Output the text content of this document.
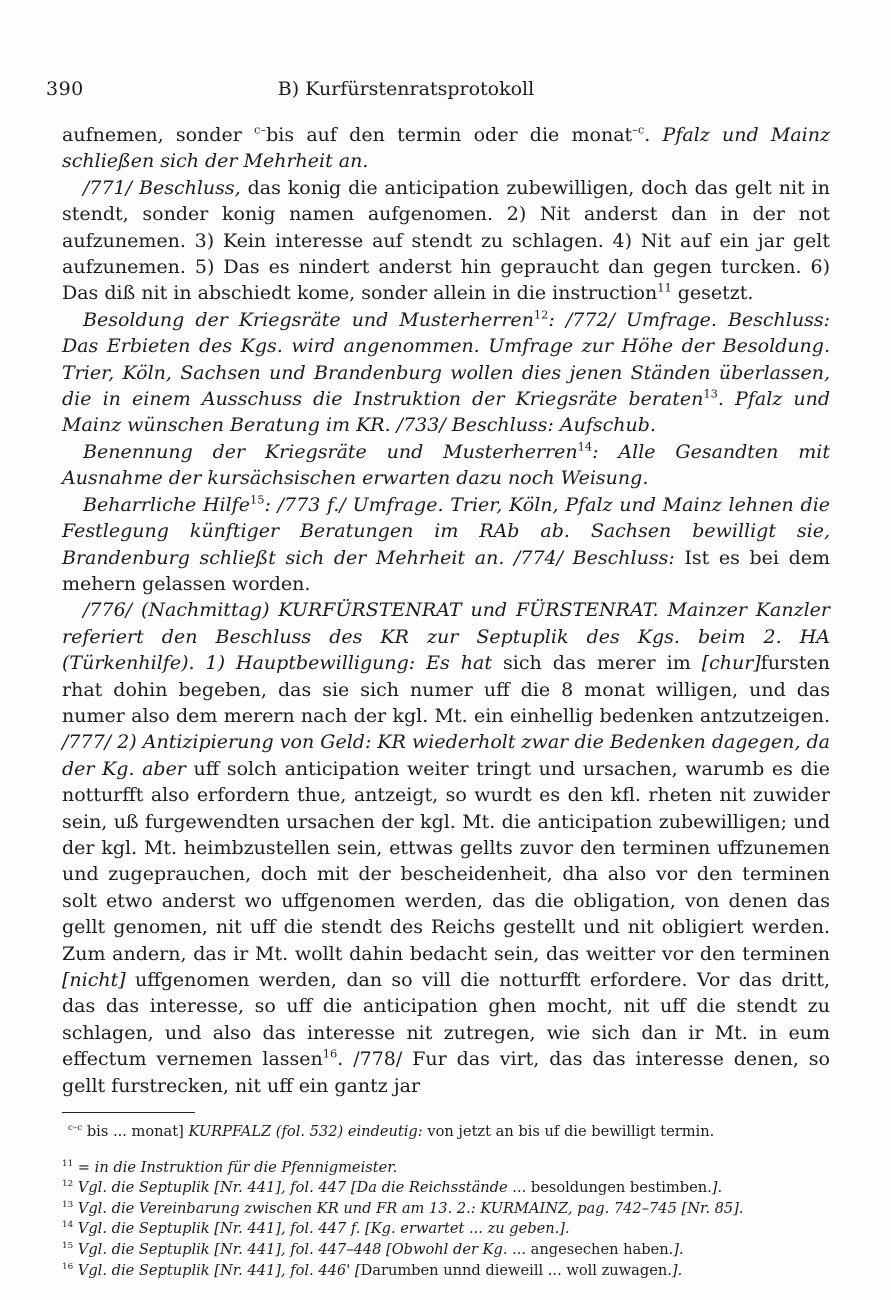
390	B) Kurfürstenratsprotokoll

aufnemen, sonder $^{c-}$bis auf den termin oder die monat$^{-c}$. Pfalz und Mainz schließen sich der Mehrheit an.

/771/ Beschluss, das konig die anticipation zubewilligen, doch das gelt nit in stendt, sonder konig namen aufgenomen. 2) Nit anderst dan in der not aufzunemen. 3) Kein interesse auf stendt zu schlagen. 4) Nit auf ein jar gelt aufzunemen. 5) Das es nindert anderst hin gepraucht dan gegen turcken. 6) Das diß nit in abschiedt kome, sonder allein in die instruction$^{11}$ gesetzt.

Besoldung der Kriegsräte und Musterherren$^{12}$: /772/ Umfrage. Beschluss: Das Erbieten des Kgs. wird angenommen. Umfrage zur Höhe der Besoldung. Trier, Köln, Sachsen und Brandenburg wollen dies jenen Ständen überlassen, die in einem Ausschuss die Instruktion der Kriegsräte beraten$^{13}$. Pfalz und Mainz wünschen Beratung im KR. /733/ Beschluss: Aufschub.

Benennung der Kriegsräte und Musterherren$^{14}$: Alle Gesandten mit Ausnahme der kursächsischen erwarten dazu noch Weisung.

Beharrliche Hilfe$^{15}$: /773 f./ Umfrage. Trier, Köln, Pfalz und Mainz lehnen die Festlegung künftiger Beratungen im RAb ab. Sachsen bewilligt sie, Brandenburg schließt sich der Mehrheit an. /774/ Beschluss: Ist es bei dem mehern gelassen worden.

/776/ (Nachmittag) KURFÜRSTENRAT und FÜRSTENRAT. Mainzer Kanzler referiert den Beschluss des KR zur Septuplik des Kgs. beim 2. HA (Türkenhilfe). 1) Hauptbewilligung: Es hat sich das merer im [chur]fursten rhat dohin begeben, das sie sich numer uff die 8 monat willigen, und das numer also dem merern nach der kgl. Mt. ein einhellig bedenken antzutzeigen. /777/ 2) Antizipierung von Geld: KR wiederholt zwar die Bedenken dagegen, da der Kg. aber uff solch anticipation weiter tringt und ursachen, warumb es die notturfft also erfordern thue, antzeigt, so wurdt es den kfl. rheten nit zuwider sein, uß furgewendten ursachen der kgl. Mt. die anticipation zubewilligen; und der kgl. Mt. heimbzustellen sein, ettwas gellts zuvor den terminen uffzunemen und zugeprauchen, doch mit der bescheidenheit, dha also vor den terminen solt etwo anderst wo uffgenomen werden, das die obligation, von denen das gellt genomen, nit uff die stendt des Reichs gestellt und nit obligiert werden. Zum andern, das ir Mt. wollt dahin bedacht sein, das weitter vor den terminen [nicht] uffgenomen werden, dan so vill die notturfft erfordere. Vor das dritt, das das interesse, so uff die anticipation ghen mocht, nit uff die stendt zu schlagen, und also das interesse nit zutregen, wie sich dan ir Mt. in eum effectum vernemen lassen$^{16}$. /778/ Fur das virt, das das interesse denen, so gellt furstrecken, nit uff ein gantz jar

$^{c-c}$ bis ... monat] KURPFALZ (fol. 532) eindeutig: von jetzt an bis uf die bewilligt termin.

$^{11}$ = in die Instruktion für die Pfennigmeister.

$^{12}$ Vgl. die Septuplik [Nr. 441], fol. 447 [Da die Reichsstände ... besoldungen bestimben.].

$^{13}$ Vgl. die Vereinbarung zwischen KR und FR am 13. 2.: KURMAINZ, pag. 742–745 [Nr. 85].

$^{14}$ Vgl. die Septuplik [Nr. 441], fol. 447 f. [Kg. erwartet ... zu geben.].

$^{15}$ Vgl. die Septuplik [Nr. 441], fol. 447–448 [Obwohl der Kg. ... angesechen haben.].

$^{16}$ Vgl. die Septuplik [Nr. 441], fol. 446' [Darumben unnd dieweill ... woll zuwagen.].
